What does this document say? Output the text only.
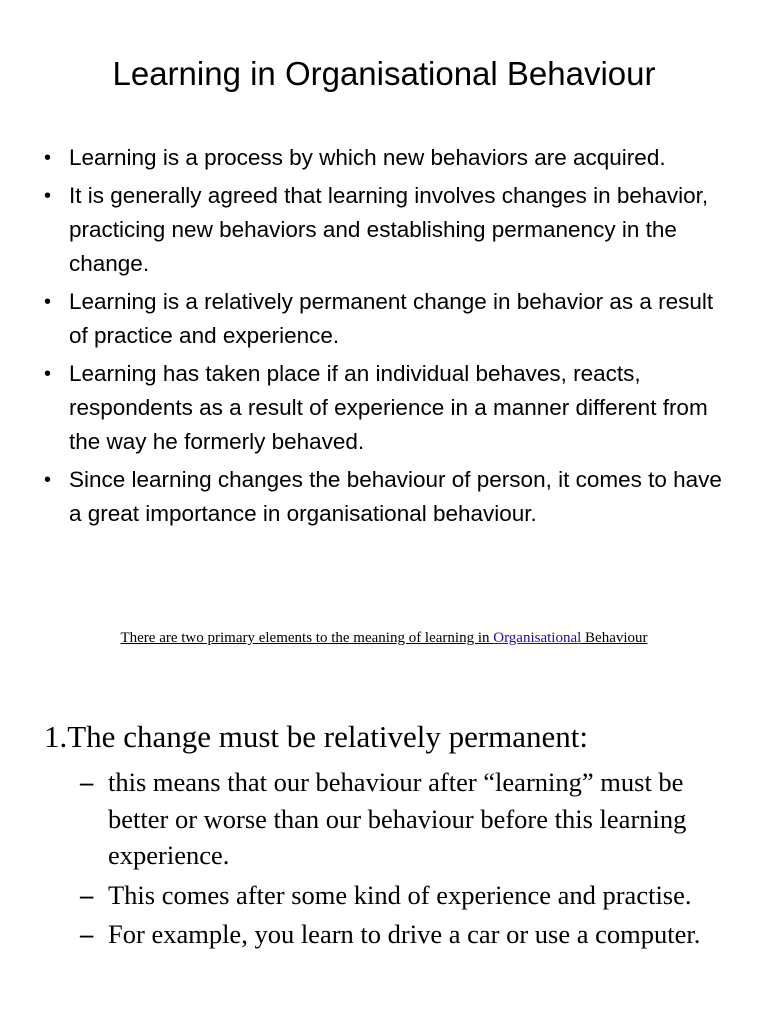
Learning in Organisational Behaviour
• Learning is a process by which new behaviors are acquired.
• It is generally agreed that learning involves changes in behavior, practicing new behaviors and establishing permanency in the change.
• Learning is a relatively permanent change in behavior as a result of practice and experience.
• Learning has taken place if an individual behaves, reacts, respondents as a result of experience in a manner different from the way he formerly behaved.
• Since learning changes the behaviour of person, it comes to have a great importance in organisational behaviour.
There are two primary elements to the meaning of learning in Organisational Behaviour
1.The change must be relatively permanent:
– this means that our behaviour after “learning” must be better or worse than our behaviour before this learning experience.
– This comes after some kind of experience and practise.
– For example, you learn to drive a car or use a computer.
